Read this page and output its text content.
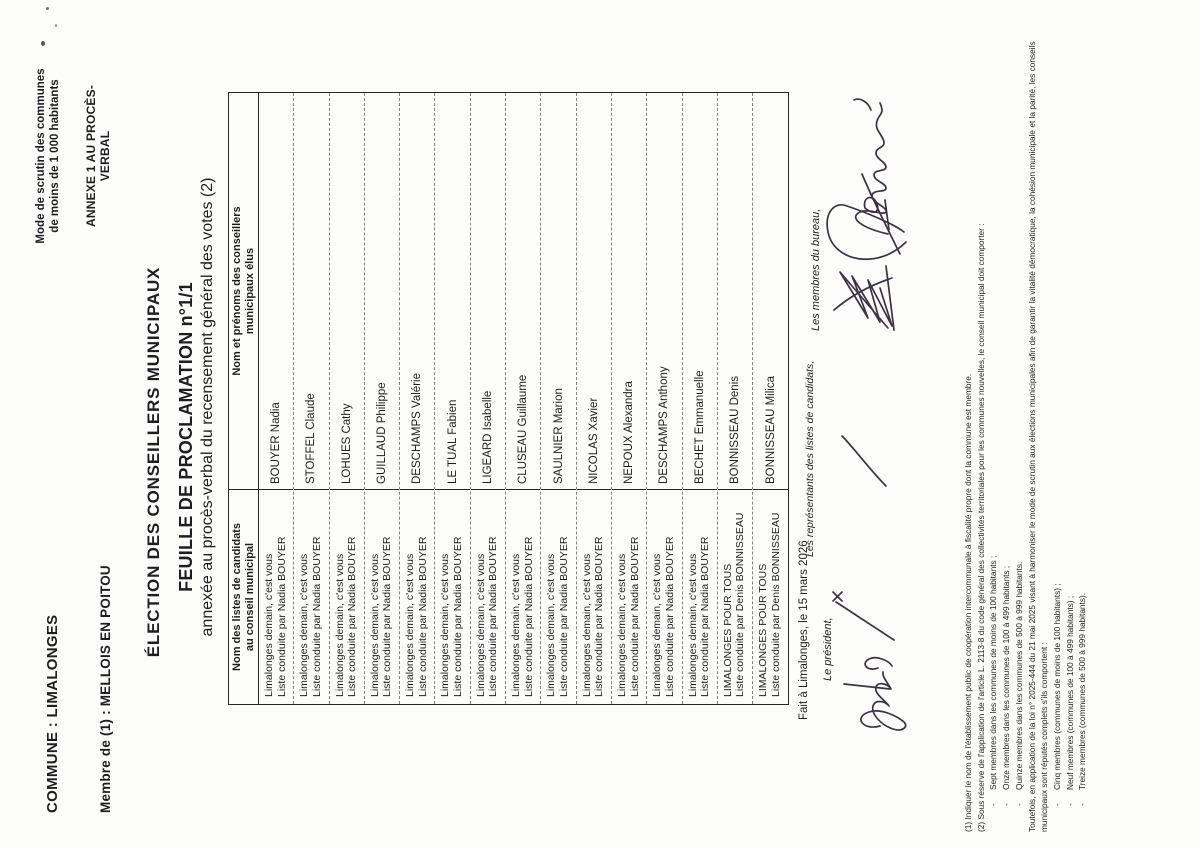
COMMUNE : LIMALONGES	Membre de (1) : MELLOIS EN POITOU
Mode de scrutin des communes de moins de 1 000 habitants ANNEXE 1 AU PROCÈS- VERBAL
ÉLECTION DES CONSEILLERS MUNICIPAUX FEUILLE DE PROCLAMATION n°1/1 annexée au procès-verbal du recensement général des votes (2) Nom des listes de candidats au conseil municipal
Nom et prénoms des conseillers municipaux élus
Limalonges demain, c'est vous Liste conduite par Nadia BOUYER
BOUYER Nadia
Limalonges demain, c'est vous Liste conduite par Nadia BOUYER
STOFFEL Claude
Limalonges demain, c'est vous Liste conduite par Nadia BOUYER
LOHUES Cathy
Limalonges demain, c'est vous Liste conduite par Nadia BOUYER
GUILLAUD Philippe
Limalonges demain, c'est vous Liste conduite par Nadia BOUYER
DESCHAMPS Valérie
Limalonges demain, c'est vous Liste conduite par Nadia BOUYER
LE TUAL Fabien
Limalonges demain, c'est vous Liste conduite par Nadia BOUYER
LIGEARD Isabelle
Limalonges demain, c'est vous Liste conduite par Nadia BOUYER
CLUSEAU Guillaume
Limalonges demain, c'est vous Liste conduite par Nadia BOUYER
SAULNIER Marion
Limalonges demain, c'est vous Liste conduite par Nadia BOUYER
NICOLAS Xavier
Limalonges demain, c'est vous Liste conduite par Nadia BOUYER
NEPOUX Alexandra
Limalonges demain, c'est vous Liste conduite par Nadia BOUYER
DESCHAMPS Anthony
Limalonges demain, c'est vous Liste conduite par Nadia BOUYER
BECHET Emmanuelle
LIMALONGES POUR TOUS Liste conduite par Denis BONNISSEAU
BONNISSEAU Denis
LIMALONGES POUR TOUS Liste conduite par Denis BONNISSEAU
BONNISSEAU Milica
Fait à Limalonges, le 15 mars 2026 Le président,
Les représentants des listes de candidats,
Les membres du bureau,
(1) Indiquer le nom de l'établissement public de coopération intercommunale à fiscalité propre dont la commune est membre. (2) Sous réserve de l'application de l'article L. 2113-8 du code général des collectivités territoriales pour les communes nouvelles, le conseil municipal doit comporter : -
Sept membres dans les communes de moins de 100 habitants ;
-
Onze membres dans les communes de 100 à 499 habitants ;
-
Quinze membres dans les communes de 500 à 999 habitants. Toutefois, en application de la loi n° 2025-444 du 21 mai 2025 visant à harmoniser le mode de scrutin aux élections municipales afin de garantir la vitalité démocratique, la cohésion municipale et la parité, les conseils municipaux sont réputés complets s'ils comportent : -
Cinq membres (communes de moins de 100 habitants) ;
-
Neuf membres (communes de 100 à 499 habitants) ;
-
Treize membres (communes de 500 à 999 habitants).
